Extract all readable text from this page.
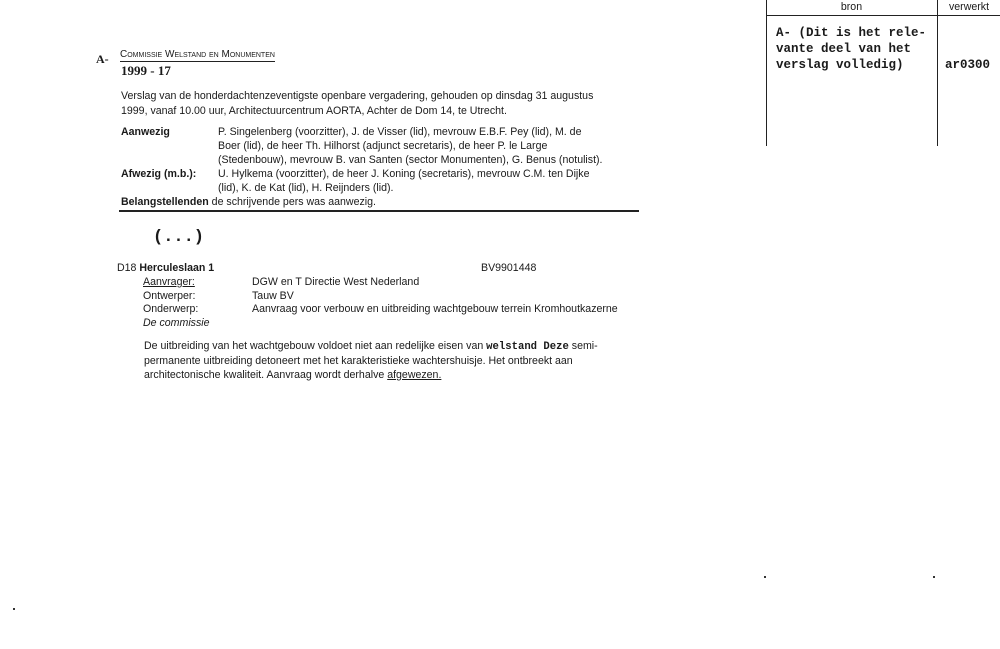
bron	verwerkt
A- (Dit is het rele-
vante deel van het
verslag volledig)	ar0300
A- Commissie Welstand en Monumenten
1999 - 17
Verslag van de honderdachtenzeventigste openbare vergadering, gehouden op dinsdag 31 augustus
1999, vanaf 10.00 uur, Architectuurcentrum AORTA, Achter de Dom 14, te Utrecht.
Aanwezig	P. Singelenberg (voorzitter), J. de Visser (lid), mevrouw E.B.F. Pey (lid), M. de
Boer (lid), de heer Th. Hilhorst (adjunct secretaris), de heer P. le Large
(Stedenbouw), mevrouw B. van Santen (sector Monumenten), G. Benus (notulist).
Afwezig (m.b.): U. Hylkema (voorzitter), de heer J. Koning (secretaris), mevrouw C.M. ten Dijke
(lid), K. de Kat (lid), H. Reijnders (lid).
Belangstellenden de schrijvende pers was aanwezig.
(...)
D18 Herculeslaan 1	BV9901448
Aanvrager:	DGW en T Directie West Nederland
Ontwerper:	Tauw BV
Onderwerp:	Aanvraag voor verbouw en uitbreiding wachtgebouw terrein Kromhoutkazerne
De commissie
De uitbreiding van het wachtgebouw voldoet niet aan redelijke eisen van welstand Deze semi-
permanente uitbreiding detoneert met het karakteristieke wachtershuisje. Het ontbreekt aan
architectonische kwaliteit. Aanvraag wordt derhalve afgewezen.
